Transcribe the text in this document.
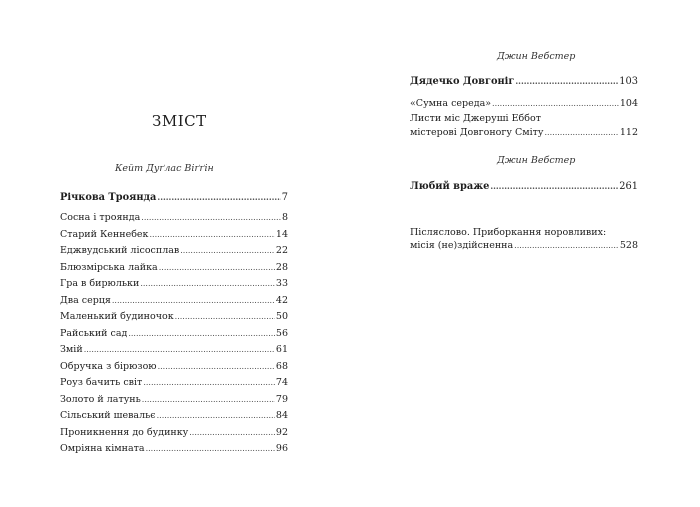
ЗМІСТ
Кейт Дуґлас Віґґін
Річкова Троянда .....	7
Сосна і троянда .....	8
Старий Кеннебек .....	14
Еджвудський лісосплав .....	22
Блюзмірська лайка .....	28
Гра в бирюльки .....	33
Два серця .....	42
Маленький будиночок .....	50
Райський сад .....	56
Змій .....	61
Обручка з бірюзою .....	68
Роуз бачить світ .....	74
Золото й латунь .....	79
Сільський шевальє .....	84
Проникнення до будинку .....	92
Омріяна кімната .....	96
Джин Вебстер
Дядечко Довгоніг .....	103
«Сумна середа» .....	104
Листи міс Джеруші Еббот
містерові Довгоногу Сміту .....	112
Джин Вебстер
Любий враже .....	261
Післяслово. Приборкання норовливих:
місія (не)здійсненна .....	528
